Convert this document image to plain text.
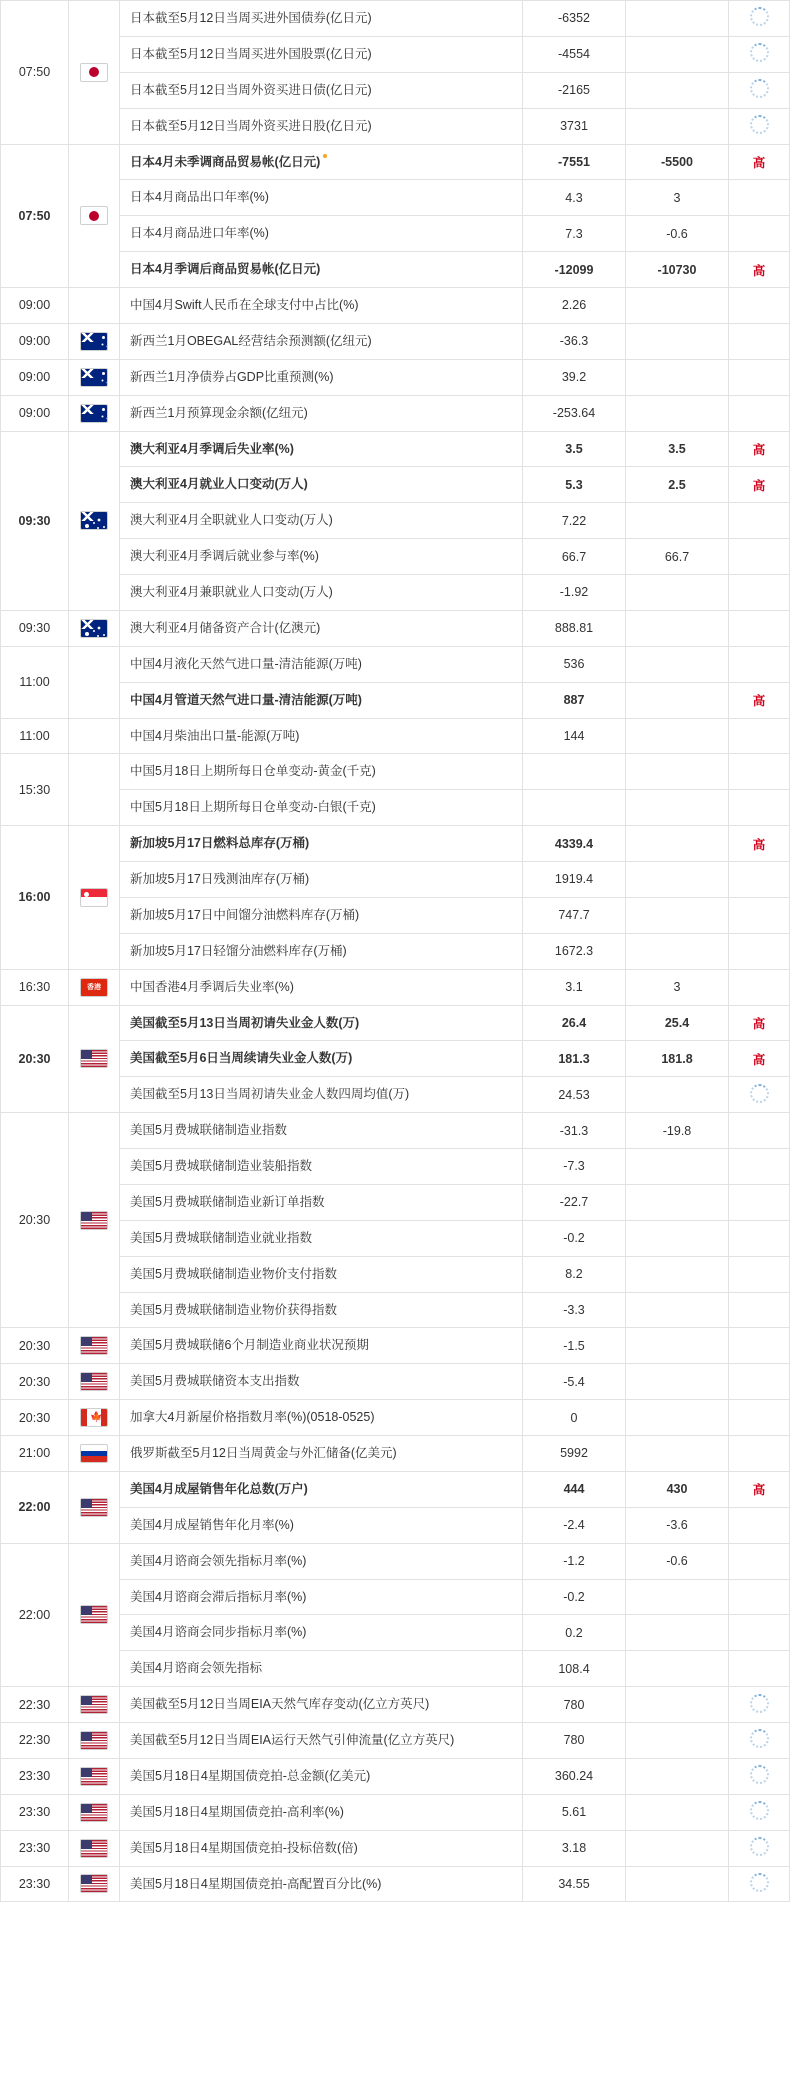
07:50		日本截至5月12日当周买进外国债券(亿日元)	-6352		
		日本截至5月12日当周买进外国股票(亿日元)	-4554		
		日本截至5月12日当周外资买进日债(亿日元)	-2165		
		日本截至5月12日当周外资买进日股(亿日元)	3731		
07:50		日本4月未季调商品贸易帐(亿日元)	-7551	-5500	高
		日本4月商品出口年率(%)	4.3	3	
		日本4月商品进口年率(%)	7.3	-0.6	
		日本4月季调后商品贸易帐(亿日元)	-12099	-10730	高
09:00		中国4月Swift人民币在全球支付中占比(%)	2.26		
09:00		新西兰1月OBEGAL经营结余预测额(亿纽元)	-36.3		
09:00		新西兰1月净债券占GDP比重预测(%)	39.2		
09:00		新西兰1月预算现金余额(亿纽元)	-253.64		
09:30		澳大利亚4月季调后失业率(%)	3.5	3.5	高
		澳大利亚4月就业人口变动(万人)	5.3	2.5	高
		澳大利亚4月全职就业人口变动(万人)	7.22		
		澳大利亚4月季调后就业参与率(%)	66.7	66.7	
		澳大利亚4月兼职就业人口变动(万人)	-1.92		
09:30		澳大利亚4月储备资产合计(亿澳元)	888.81		
11:00		中国4月液化天然气进口量-清洁能源(万吨)	536		
		中国4月管道天然气进口量-清洁能源(万吨)	887		高
11:00		中国4月柴油出口量-能源(万吨)	144		
15:30		中国5月18日上期所每日仓单变动-黄金(千克)			
		中国5月18日上期所每日仓单变动-白银(千克)			
16:00		新加坡5月17日燃料总库存(万桶)	4339.4		高
		新加坡5月17日残测油库存(万桶)	1919.4		
		新加坡5月17日中间馏分油燃料库存(万桶)	747.7		
		新加坡5月17日轻馏分油燃料库存(万桶)	1672.3		
16:30	香港	中国香港4月季调后失业率(%)	3.1	3	
20:30		美国截至5月13日当周初请失业金人数(万)	26.4	25.4	高
		美国截至5月6日当周续请失业金人数(万)	181.3	181.8	高
		美国截至5月13日当周初请失业金人数四周均值(万)	24.53		
20:30		美国5月费城联储制造业指数	-31.3	-19.8	
		美国5月费城联储制造业装船指数	-7.3		
		美国5月费城联储制造业新订单指数	-22.7		
		美国5月费城联储制造业就业指数	-0.2		
		美国5月费城联储制造业物价支付指数	8.2		
		美国5月费城联储制造业物价获得指数	-3.3		
20:30		美国5月费城联储6个月制造业商业状况预期	-1.5		
20:30		美国5月费城联储资本支出指数	-5.4		
20:30	🍁	加拿大4月新屋价格指数月率(%)(0518-0525)	0		
21:00		俄罗斯截至5月12日当周黄金与外汇储备(亿美元)	5992		
22:00		美国4月成屋销售年化总数(万户)	444	430	高
		美国4月成屋销售年化月率(%)	-2.4	-3.6	
22:00		美国4月谘商会领先指标月率(%)	-1.2	-0.6	
		美国4月谘商会滞后指标月率(%)	-0.2		
		美国4月谘商会同步指标月率(%)	0.2		
		美国4月谘商会领先指标	108.4		
22:30		美国截至5月12日当周EIA天然气库存变动(亿立方英尺)	780		
22:30		美国截至5月12日当周EIA运行天然气引伸流量(亿立方英尺)	780		
23:30		美国5月18日4星期国债竞拍-总金额(亿美元)	360.24		
23:30		美国5月18日4星期国债竞拍-高利率(%)	5.61		
23:30		美国5月18日4星期国债竞拍-投标倍数(倍)	3.18		
23:30		美国5月18日4星期国债竞拍-高配置百分比(%)	34.55		
